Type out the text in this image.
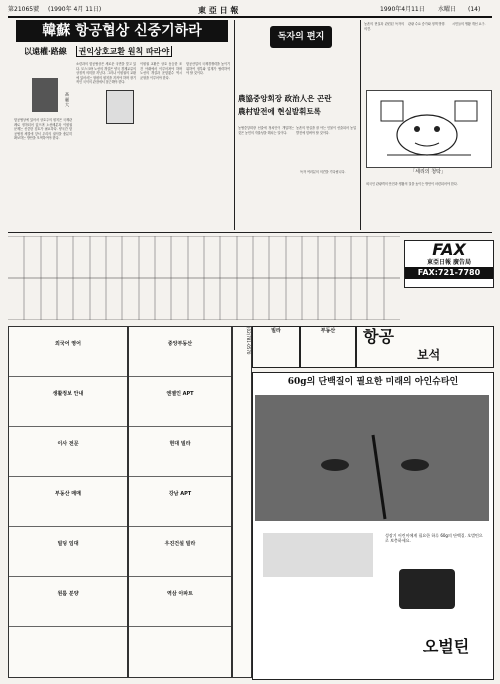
第21065號 (1990年 4月 11日)	東 亞 日 報	1990年4月11日 水曜日 (14)
韓蘇 항공협상 신중기하라
以遠權·路線 권익상호교환 원칙 따라야
高 麗 大
항공협상에 있어서 상호주의 원칙은 국제관례로 정착되어 있으며 노선배분과 이원권 문제는 신중한 검토가 필요하다. 양국간 항공협정 체결에 앞서 우리의 권익을 충분히 확보하는 방안을 모색하여야 한다.
소련과의 항공협상은 새로운 국면을 맞고 있다. 모스크바 노선의 개설은 양국 경제교류의 상징적 의미를 지닌다. 그러나 이원권의 교환에 있어서는 형평의 원칙을 지켜야 하며 장기적인 국익의 관점에서 접근해야 한다.
이원권 교환은 상호 동등한 조건 아래에서 이루어져야 하며 노선의 개설과 운항횟수 역시 균형을 이루어야 한다.
항공산업의 국제경쟁력을 높이기 위하여 정부와 업계가 협력하여야 할 것이다.
독자의 편지
農協중앙회장 政治人은 곤란
農村발전에 현실발휘토록
농협중앙회장 선출에 정치인이 개입하는 것은 농민의 자율성을 해치는 일이다.
농촌의 현실을 잘 아는 인물이 선출되어 농업발전에 힘써야 할 것이다.
독자 여러분의 의견을 기다립니다.
농촌의 현실과 관련된 독자의 의견.
관광 수요 증가와 정책 방향.	시민들의 생활 개선 요구.
「세리의 청탁」
외국인 관광객의 안전과 생활의 질을 높이는 방안이 마련되어야 한다.
FAX
東亞日報 廣告局
FAX:721-7780
외국어 영어
생활정보 안내
이사 전문
부동산 매매
빌딩 임대
원룸 분양
중앙부동산
엔젤인 APT
현대 빌라
강남 APT
우진건설 빌라
역삼 아파트
(02)781-0570	빌라	부동산	항공
보석
60g의 단백질이 필요한 미래의 아인슈타인
성장기 어린이에게 필요한 하루 60g의 단백질. 오벌틴으로 보충하세요.
오벌틴
